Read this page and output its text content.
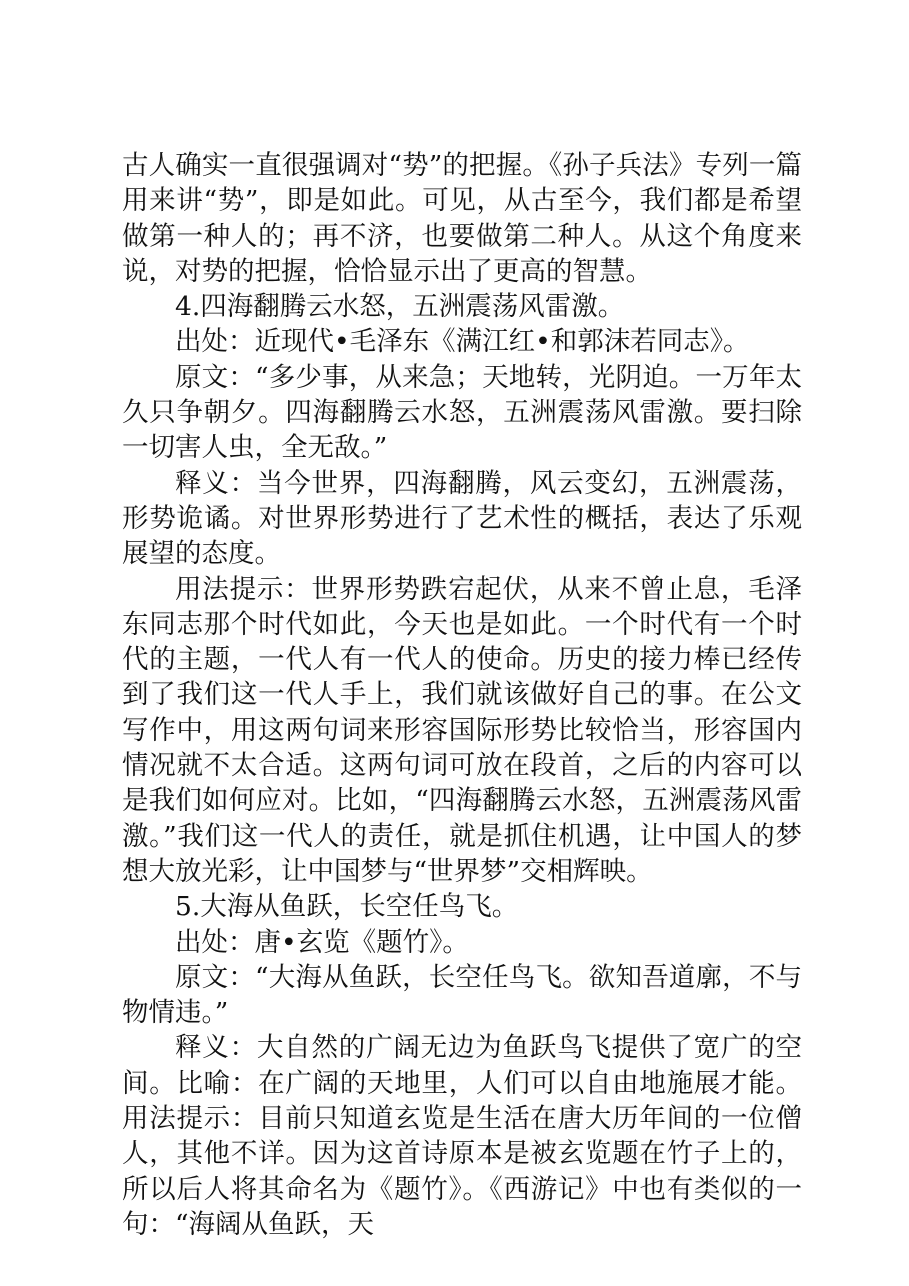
古人确实一直很强调对“势”的把握。《孙子兵法》专列一篇用来讲“势”，即是如此。可见，从古至今，我们都是希望做第一种人的；再不济，也要做第二种人。从这个角度来说，对势的把握，恰恰显示出了更高的智慧。

4.四海翻腾云水怒，五洲震荡风雷激。

出处：近现代•毛泽东《满江红•和郭沫若同志》。

原文：“多少事，从来急；天地转，光阴迫。一万年太久只争朝夕。四海翻腾云水怒，五洲震荡风雷激。要扫除一切害人虫，全无敌。”

释义：当今世界，四海翻腾，风云变幻，五洲震荡，形势诡谲。对世界形势进行了艺术性的概括，表达了乐观展望的态度。

用法提示：世界形势跌宕起伏，从来不曾止息，毛泽东同志那个时代如此，今天也是如此。一个时代有一个时代的主题，一代人有一代人的使命。历史的接力棒已经传到了我们这一代人手上，我们就该做好自己的事。在公文写作中，用这两句词来形容国际形势比较恰当，形容国内情况就不太合适。这两句词可放在段首，之后的内容可以是我们如何应对。比如，“四海翻腾云水怒，五洲震荡风雷激。”我们这一代人的责任，就是抓住机遇，让中国人的梦想大放光彩，让中国梦与“世界梦”交相辉映。

5.大海从鱼跃，长空任鸟飞。

出处：唐•玄览《题竹》。

原文：“大海从鱼跃，长空任鸟飞。欲知吾道廓，不与物情违。”

释义：大自然的广阔无边为鱼跃鸟飞提供了宽广的空间。比喻：在广阔的天地里，人们可以自由地施展才能。用法提示：目前只知道玄览是生活在唐大历年间的一位僧人，其他不详。因为这首诗原本是被玄览题在竹子上的，所以后人将其命名为《题竹》。《西游记》中也有类似的一句：“海阔从鱼跃，天
